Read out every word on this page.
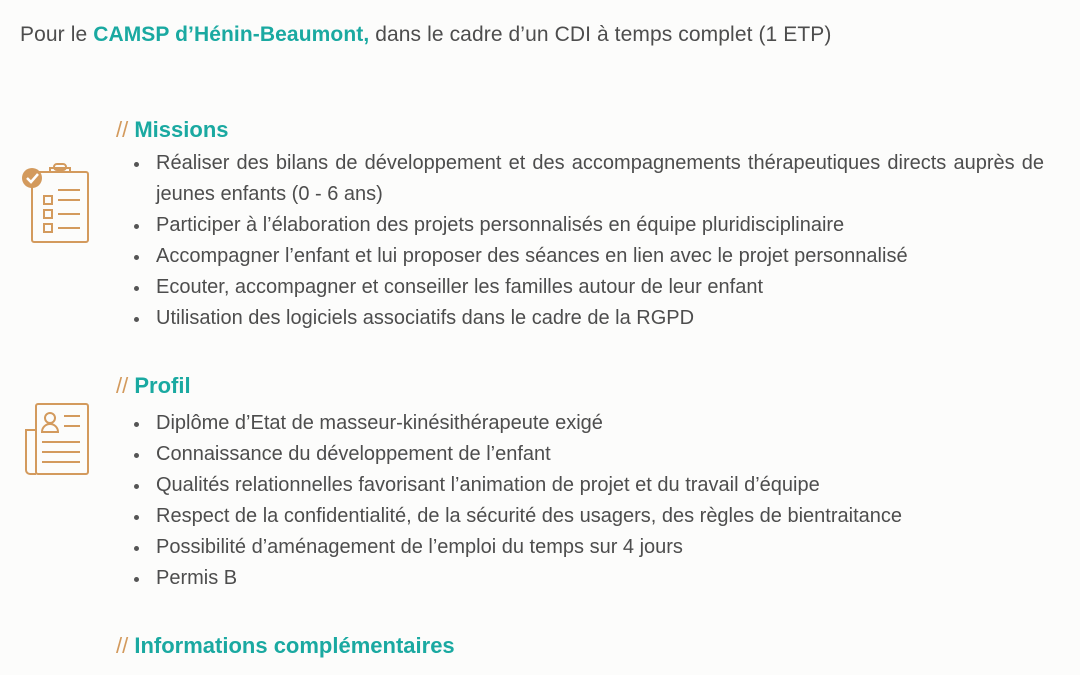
Pour le CAMSP d’Hénin-Beaumont, dans le cadre d’un CDI à temps complet (1 ETP)
// Missions
Réaliser des bilans de développement et des accompagnements thérapeutiques directs auprès de jeunes enfants (0 - 6 ans)
Participer à l’élaboration des projets personnalisés en équipe pluridisciplinaire
Accompagner l’enfant et lui proposer des séances en lien avec le projet personnalisé
Ecouter, accompagner et conseiller les familles autour de leur enfant
Utilisation des logiciels associatifs dans le cadre de la RGPD
// Profil
Diplôme d’Etat de masseur-kinésithérapeute exigé
Connaissance du développement de l’enfant
Qualités relationnelles favorisant l’animation de projet et du travail d’équipe
Respect de la confidentialité, de la sécurité des usagers, des règles de bientraitance
Possibilité d’aménagement de l’emploi du temps sur 4 jours
Permis B
// Informations complémentaires
